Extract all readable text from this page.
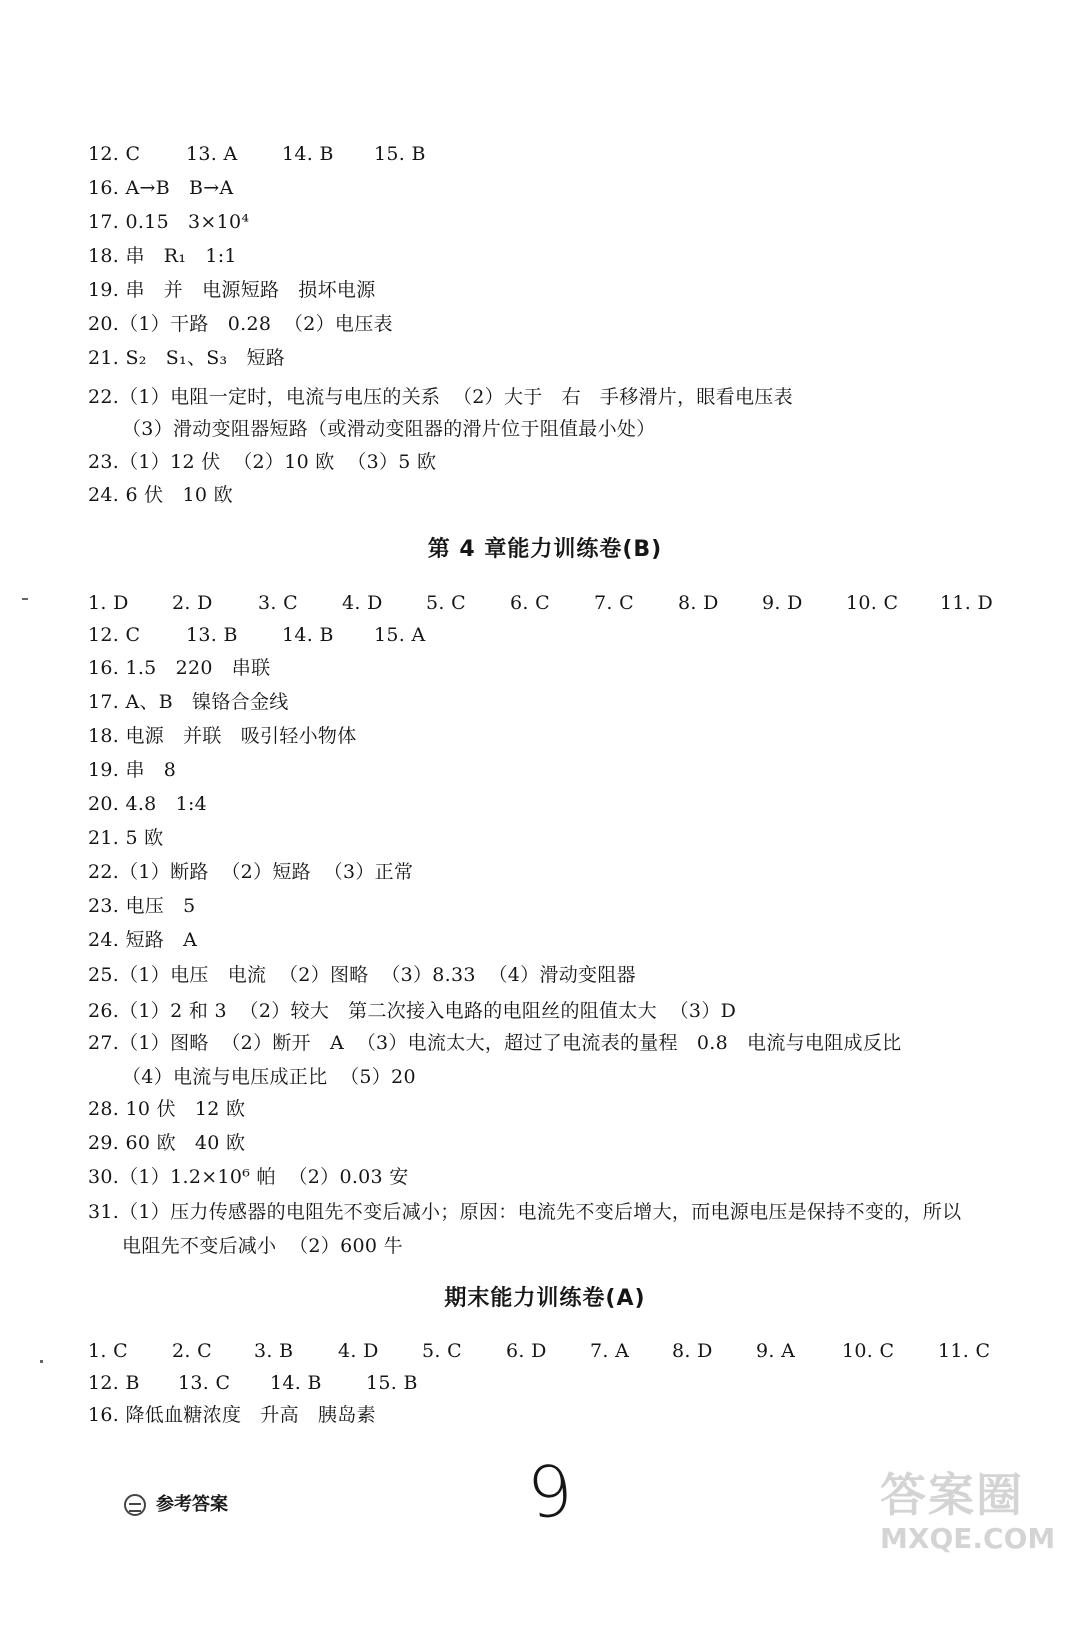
12. C

13. A

14. B

15. B

16. A→B   B→A
17. 0.15   3×10⁴
18. 串   R₁   1:1
19. 串   并   电源短路   损坏电源
20.（1）干路   0.28  （2）电压表
21. S₂   S₁、S₃   短路
22.（1）电阻一定时，电流与电压的关系  （2）大于   右   手移滑片，眼看电压表
（3）滑动变阻器短路（或滑动变阻器的滑片位于阻值最小处）
23.（1）12 伏  （2）10 欧  （3）5 欧
24. 6 伏   10 欧
第 4 章能力训练卷(B)

1. D

2. D

3. C

4. D

5. C

6. C

7. C

8. D

9. D

10. C

11. D

12. C

13. B

14. B

15. A

16. 1.5   220   串联
17. A、B   镍铬合金线
18. 电源   并联   吸引轻小物体
19. 串   8
20. 4.8   1:4
21. 5 欧
22.（1）断路  （2）短路  （3）正常
23. 电压   5
24. 短路   A
25.（1）电压   电流  （2）图略  （3）8.33  （4）滑动变阻器
26.（1）2 和 3  （2）较大   第二次接入电路的电阻丝的阻值太大  （3）D
27.（1）图略  （2）断开   A  （3）电流太大，超过了电流表的量程   0.8   电流与电阻成反比
（4）电流与电压成正比  （5）20
28. 10 伏   12 欧
29. 60 欧   40 欧
30.（1）1.2×10⁶ 帕  （2）0.03 安
31.（1）压力传感器的电阻先不变后减小；原因：电流先不变后增大，而电源电压是保持不变的，所以
电阻先不变后减小  （2）600 牛
期末能力训练卷(A)

1. C

2. C

3. B

4. D

5. C

6. D

7. A

8. D

9. A

10. C

11. C

12. B

13. C

14. B

15. B

16. 降低血糖浓度   升高   胰岛素
参考答案	9	答案圈
MXQE.COM
